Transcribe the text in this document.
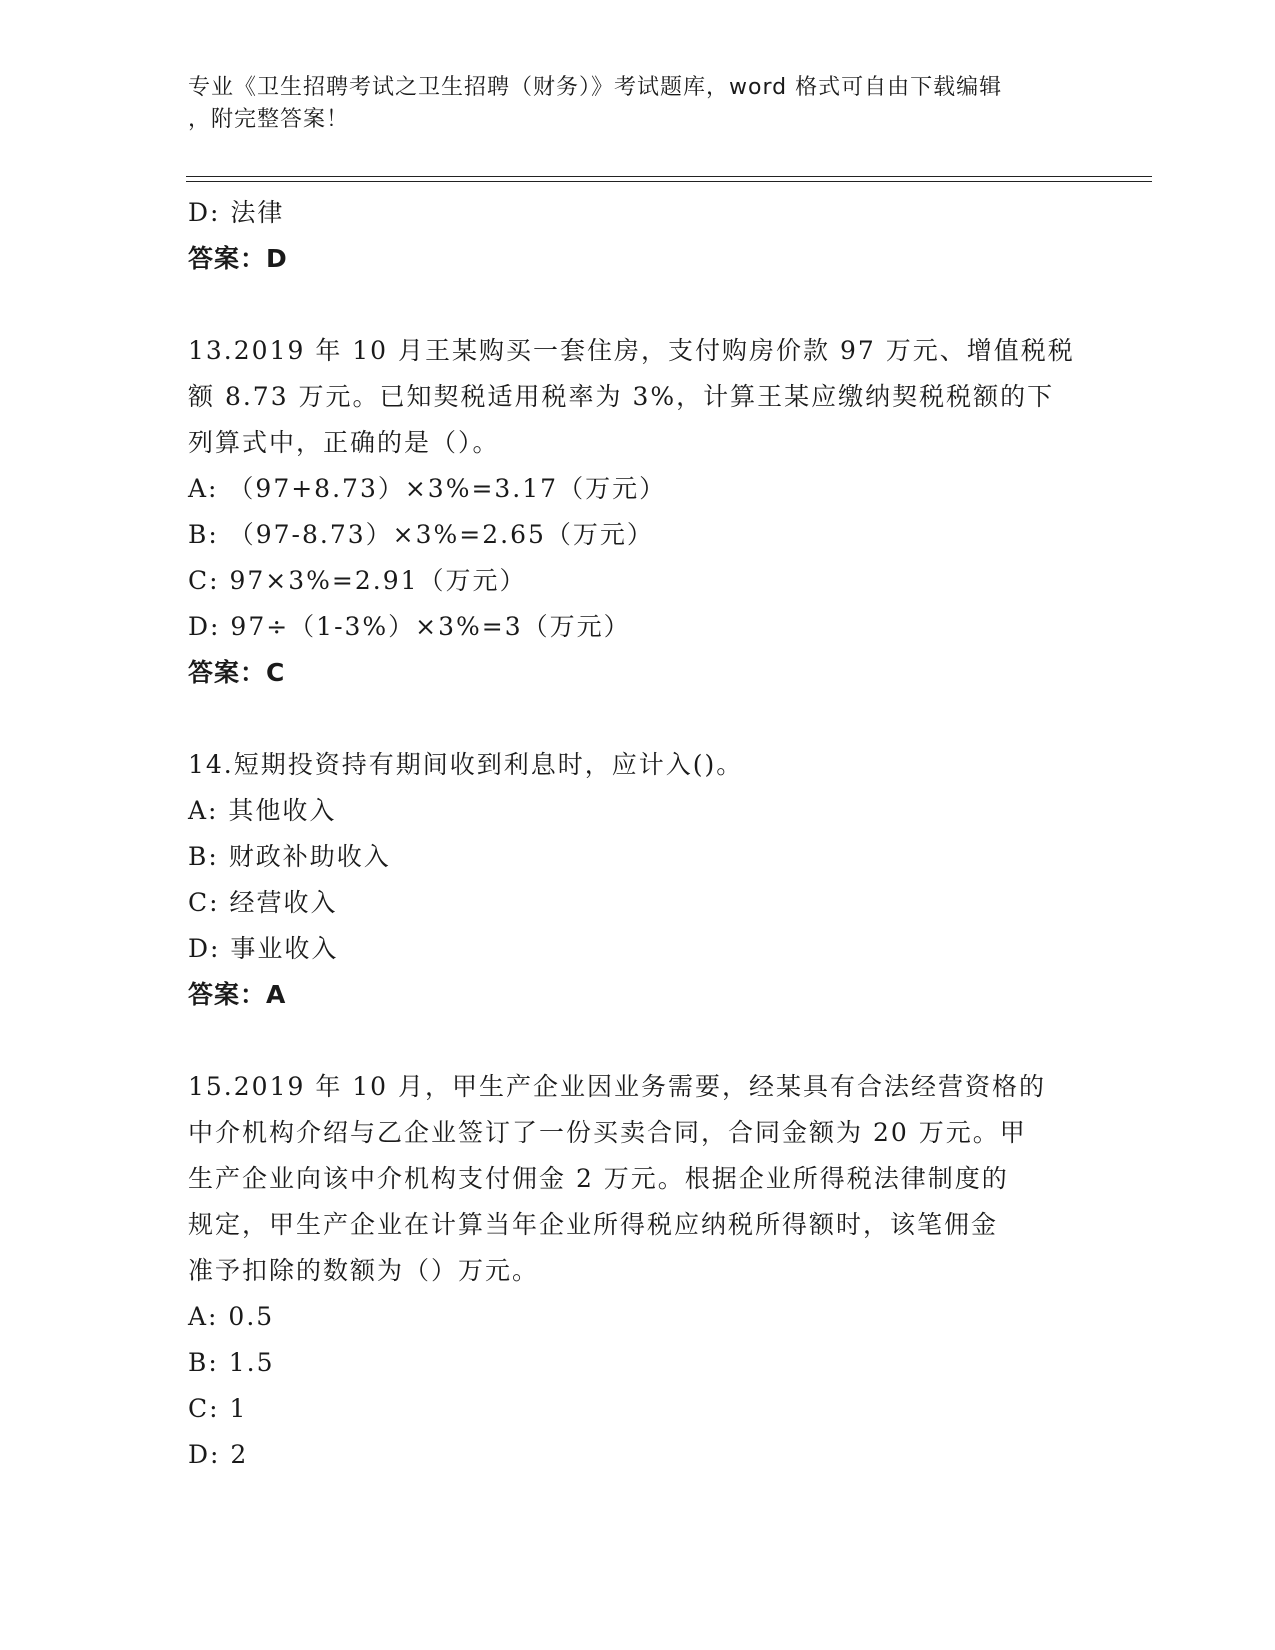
专业《卫生招聘考试之卫生招聘（财务）》考试题库，word 格式可自由下载编辑
，附完整答案！
D: 法律
答案：D
13.2019 年 10 月王某购买一套住房，支付购房价款 97 万元、增值税税
额 8.73 万元。已知契税适用税率为 3%，计算王某应缴纳契税税额的下
列算式中，正确的是（）。
A: （97+8.73）×3%=3.17（万元）
B: （97-8.73）×3%=2.65（万元）
C: 97×3%=2.91（万元）
D: 97÷（1-3%）×3%=3（万元）
答案：C
14.短期投资持有期间收到利息时，应计入()。
A: 其他收入
B: 财政补助收入
C: 经营收入
D: 事业收入
答案：A
15.2019 年 10 月，甲生产企业因业务需要，经某具有合法经营资格的
中介机构介绍与乙企业签订了一份买卖合同，合同金额为 20 万元。甲
生产企业向该中介机构支付佣金 2 万元。根据企业所得税法律制度的
规定，甲生产企业在计算当年企业所得税应纳税所得额时，该笔佣金
准予扣除的数额为（）万元。
A: 0.5
B: 1.5
C: 1
D: 2
